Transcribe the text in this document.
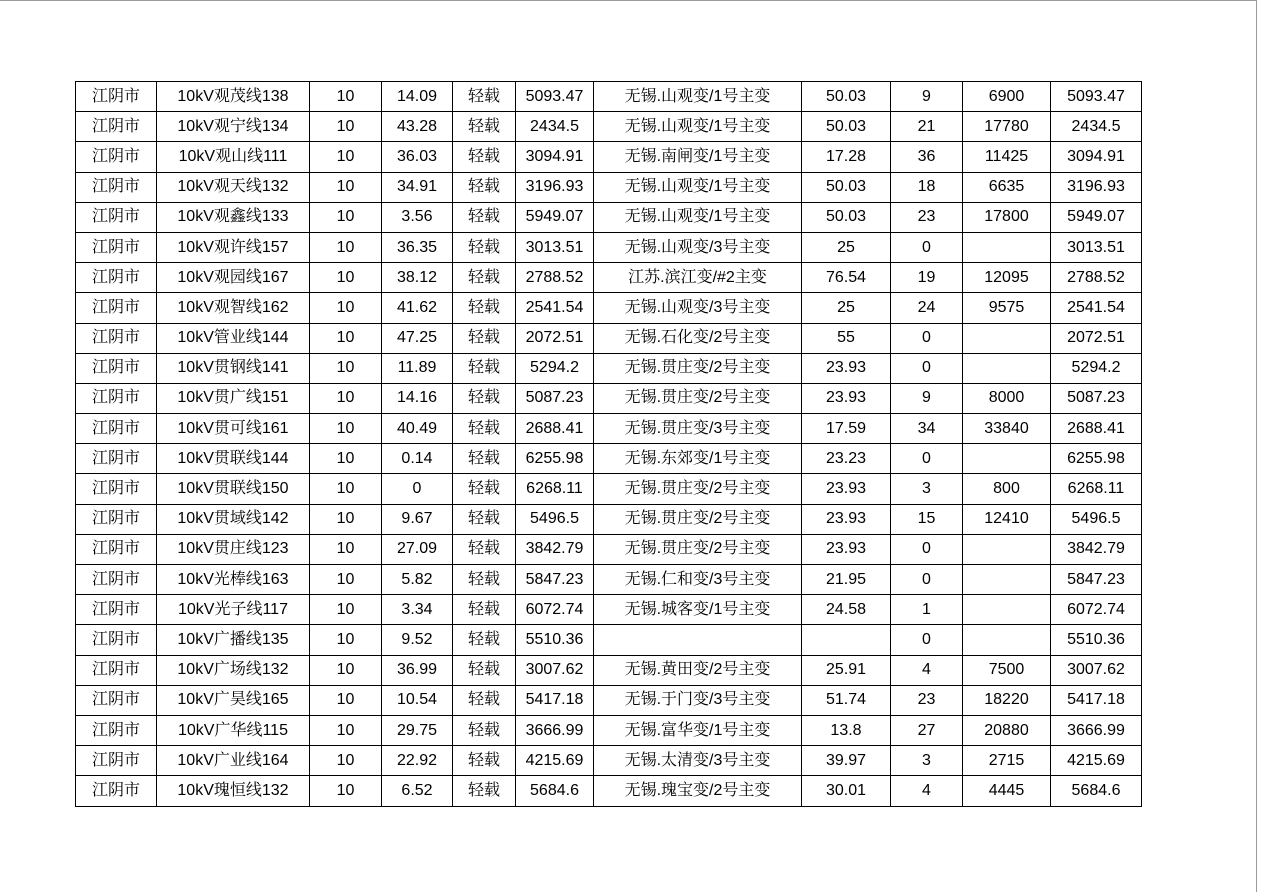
江阴市	10kV观茂线138	10	14.09	轻载	5093.47	无锡.山观变/1号主变	50.03	9	6900	5093.47
江阴市	10kV观宁线134	10	43.28	轻载	2434.5	无锡.山观变/1号主变	50.03	21	17780	2434.5
江阴市	10kV观山线111	10	36.03	轻载	3094.91	无锡.南闸变/1号主变	17.28	36	11425	3094.91
江阴市	10kV观天线132	10	34.91	轻载	3196.93	无锡.山观变/1号主变	50.03	18	6635	3196.93
江阴市	10kV观鑫线133	10	3.56	轻载	5949.07	无锡.山观变/1号主变	50.03	23	17800	5949.07
江阴市	10kV观许线157	10	36.35	轻载	3013.51	无锡.山观变/3号主变	25	0		3013.51
江阴市	10kV观园线167	10	38.12	轻载	2788.52	江苏.滨江变/#2主变	76.54	19	12095	2788.52
江阴市	10kV观智线162	10	41.62	轻载	2541.54	无锡.山观变/3号主变	25	24	9575	2541.54
江阴市	10kV管业线144	10	47.25	轻载	2072.51	无锡.石化变/2号主变	55	0		2072.51
江阴市	10kV贯钢线141	10	11.89	轻载	5294.2	无锡.贯庄变/2号主变	23.93	0		5294.2
江阴市	10kV贯广线151	10	14.16	轻载	5087.23	无锡.贯庄变/2号主变	23.93	9	8000	5087.23
江阴市	10kV贯可线161	10	40.49	轻载	2688.41	无锡.贯庄变/3号主变	17.59	34	33840	2688.41
江阴市	10kV贯联线144	10	0.14	轻载	6255.98	无锡.东郊变/1号主变	23.23	0		6255.98
江阴市	10kV贯联线150	10	0	轻载	6268.11	无锡.贯庄变/2号主变	23.93	3	800	6268.11
江阴市	10kV贯域线142	10	9.67	轻载	5496.5	无锡.贯庄变/2号主变	23.93	15	12410	5496.5
江阴市	10kV贯庄线123	10	27.09	轻载	3842.79	无锡.贯庄变/2号主变	23.93	0		3842.79
江阴市	10kV光棒线163	10	5.82	轻载	5847.23	无锡.仁和变/3号主变	21.95	0		5847.23
江阴市	10kV光子线117	10	3.34	轻载	6072.74	无锡.城客变/1号主变	24.58	1		6072.74
江阴市	10kV广播线135	10	9.52	轻载	5510.36			0		5510.36
江阴市	10kV广场线132	10	36.99	轻载	3007.62	无锡.黄田变/2号主变	25.91	4	7500	3007.62
江阴市	10kV广昊线165	10	10.54	轻载	5417.18	无锡.于门变/3号主变	51.74	23	18220	5417.18
江阴市	10kV广华线115	10	29.75	轻载	3666.99	无锡.富华变/1号主变	13.8	27	20880	3666.99
江阴市	10kV广业线164	10	22.92	轻载	4215.69	无锡.太清变/3号主变	39.97	3	2715	4215.69
江阴市	10kV瑰恒线132	10	6.52	轻载	5684.6	无锡.瑰宝变/2号主变	30.01	4	4445	5684.6
